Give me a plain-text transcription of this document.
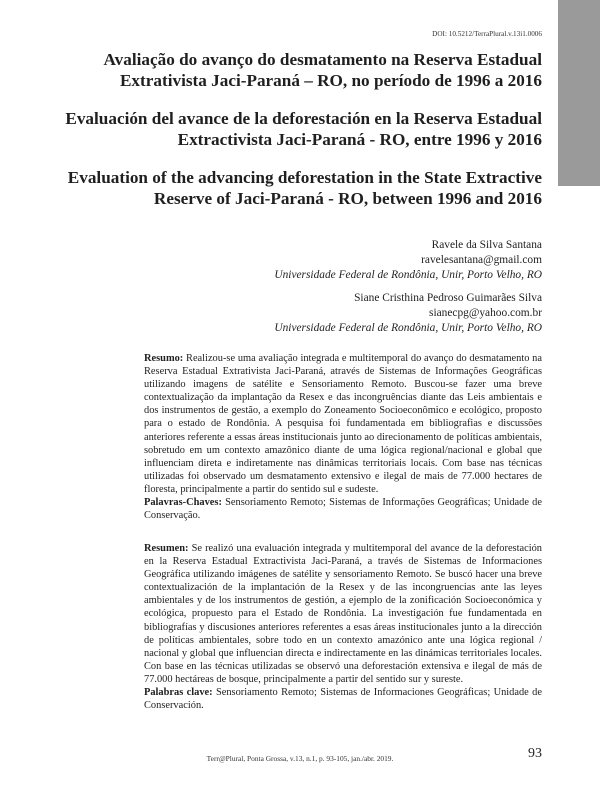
DOI: 10.5212/TerraPlural.v.13i1.0006
Avaliação do avanço do desmatamento na Reserva Estadual Extrativista Jaci-Paraná – RO, no período de 1996 a 2016
Evaluación del avance de la deforestación en la Reserva Estadual Extractivista Jaci-Paraná - RO, entre 1996 y 2016
Evaluation of the advancing deforestation in the State Extractive Reserve of Jaci-Paraná - RO, between 1996 and 2016
Ravele da Silva Santana
ravelesantana@gmail.com
Universidade Federal de Rondônia, Unir, Porto Velho, RO
Siane Cristhina Pedroso Guimarães Silva
sianecpg@yahoo.com.br
Universidade Federal de Rondônia, Unir, Porto Velho, RO

Resumo: Realizou-se uma avaliação integrada e multitemporal do avanço do desmatamento na Reserva Estadual Extrativista Jaci-Paraná, através de Sistemas de Informações Geográficas utilizando imagens de satélite e Sensoriamento Remoto. Buscou-se fazer uma breve contextualização da implantação da Resex e das incongruências diante das Leis ambientais e dos instrumentos de gestão, a exemplo do Zoneamento Socioeconômico e ecológico, proposto para o estado de Rondônia. A pesquisa foi fundamentada em bibliografias e discussões anteriores referente a essas áreas institucionais junto ao direcionamento de políticas ambientais, sobretudo em um contexto amazônico diante de uma lógica regional/nacional e global que influenciam direta e indiretamente nas dinâmicas territoriais locais. Com base nas técnicas utilizadas foi observado um desmatamento extensivo e ilegal de mais de 77.000 hectares de floresta, principalmente a partir do sentido sul e sudeste.

Palavras-Chaves: Sensoriamento Remoto; Sistemas de Informações Geográficas; Unidade de Conservação.

Resumen: Se realizó una evaluación integrada y multitemporal del avance de la deforestación en la Reserva Estadual Extractivista Jaci-Paraná, a través de Sistemas de Informaciones Geográfica utilizando imágenes de satélite y sensoriamento Remoto. Se buscó hacer una breve contextualización de la implantación de la Resex y de las incongruencias ante las leyes ambientales y de los instrumentos de gestión, a ejemplo de la zonificación Socioeconómica y ecológica, propuesto para el Estado de Rondônia. La investigación fue fundamentada en bibliografías y discusiones anteriores referentes a esas áreas institucionales junto a la dirección de políticas ambientales, sobre todo en un contexto amazónico ante una lógica regional / nacional y global que influencian directa e indirectamente en las dinámicas territoriales locales. Con base en las técnicas utilizadas se observó una deforestación extensiva e ilegal de más de 77.000 hectáreas de bosque, principalmente a partir del sentido sur y sureste.

Palabras clave: Sensoriamento Remoto; Sistemas de Informaciones Geográficas; Unidade de Conservación.

Terr@Plural, Ponta Grossa, v.13, n.1, p. 93-105, jan./abr. 2019.	93
